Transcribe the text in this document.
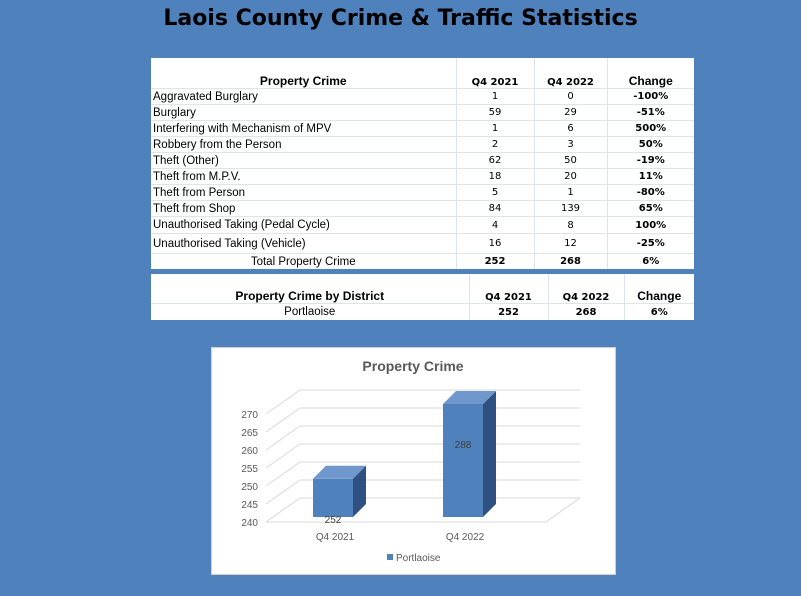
Laois County Crime & Traffic Statistics
Property Crime	Q4 2021	Q4 2022	Change
Aggravated Burglary	1	0	-100%
Burglary	59	29	-51%
Interfering with Mechanism of MPV	1	6	500%
Robbery from the Person	2	3	50%
Theft (Other)	62	50	-19%
Theft from M.P.V.	18	20	11%
Theft from Person	5	1	-80%
Theft from Shop	84	139	65%
Unauthorised Taking (Pedal Cycle)	4	8	100%
Unauthorised Taking (Vehicle)	16	12	-25%
Total Property Crime	252	268	6%
Property Crime by District	Q4 2021	Q4 2022	Change
Portlaoise	252	268	6%
Property Crime
240
245
250
255
260
265
270
252
288
Q4 2021	Q4 2022
Portlaoise
